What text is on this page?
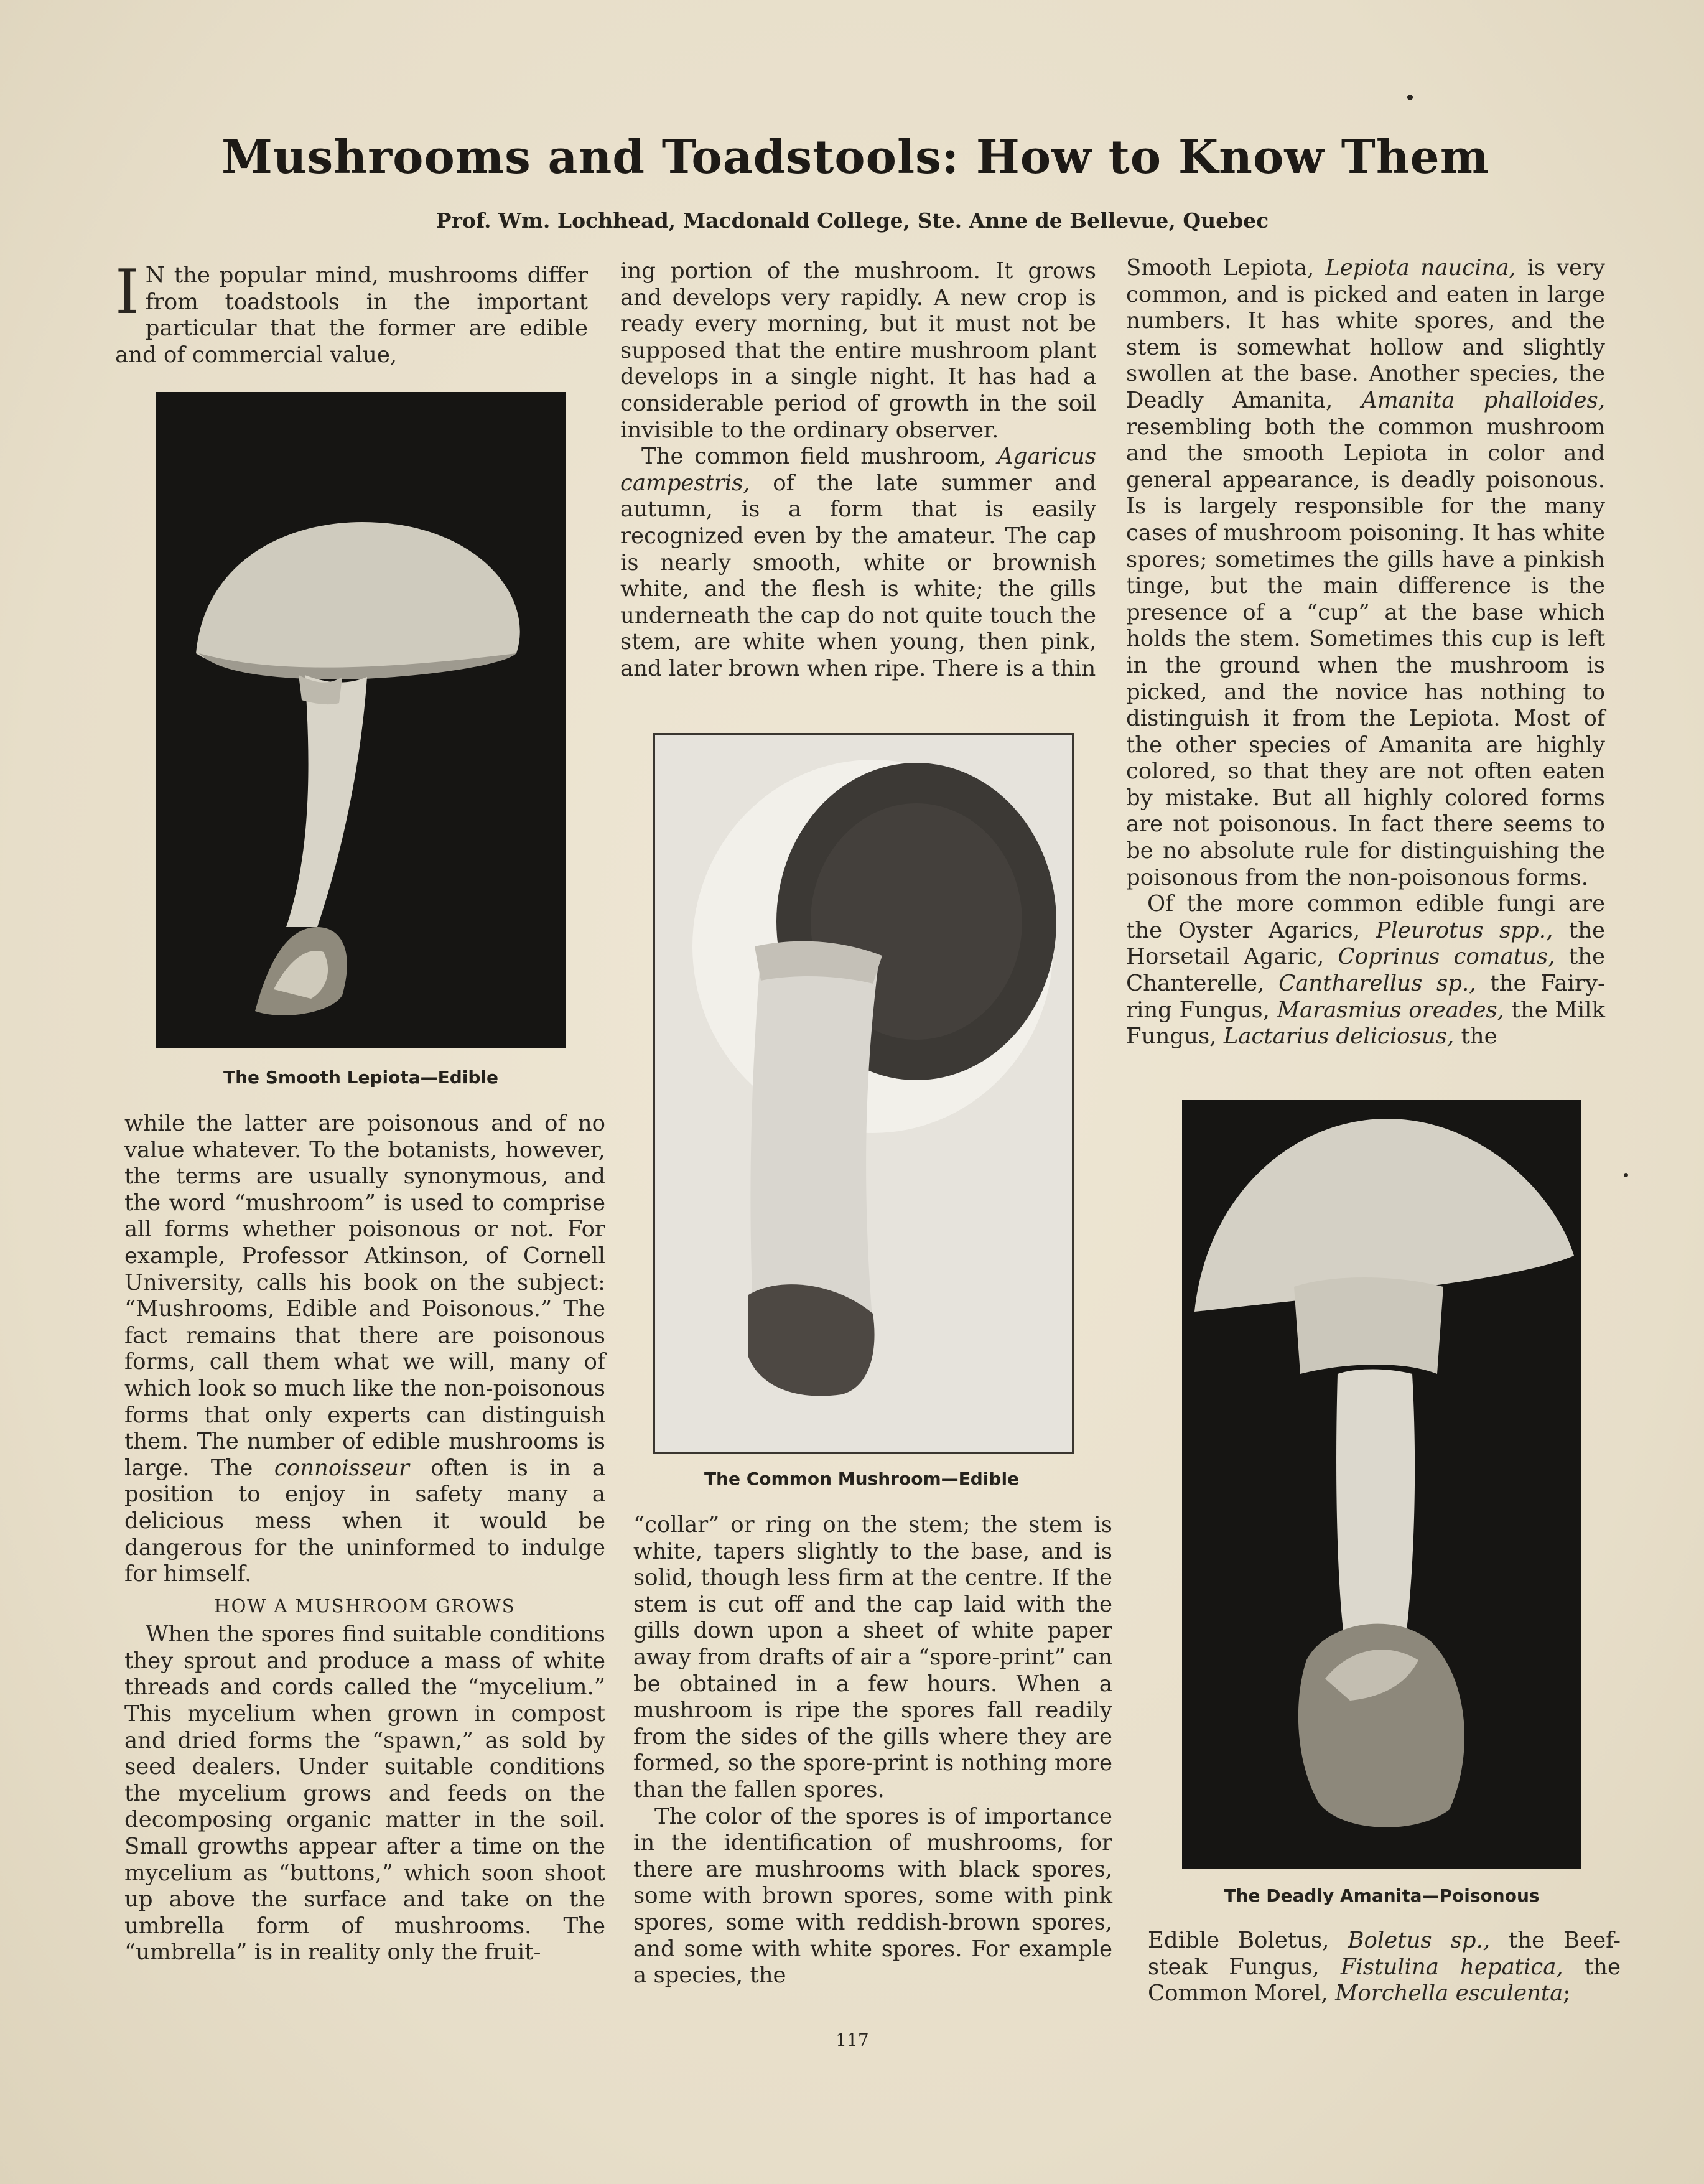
Mushrooms and Toadstools: How to Know Them

Prof. Wm. Lochhead, Macdonald College, Ste. Anne de Bellevue, Quebec

I N the popular mind, mushrooms differ from toadstools in the important particular that the former are edible and of commercial value,

The Smooth Lepiota—Edible

while the latter are poisonous and of no value whatever. To the botanists, however, the terms are usually synonymous, and the word “mushroom” is used to comprise all forms whether poisonous or not. For example, Professor Atkinson, of Cornell University, calls his book on the subject: “Mushrooms, Edible and Poisonous.” The fact remains that there are poisonous forms, call them what we will, many of which look so much like the non-poisonous forms that only experts can distinguish them. The number of edible mushrooms is large. The connoisseur often is in a position to enjoy in safety many a delicious mess when it would be dangerous for the uninformed to indulge for himself.

HOW A MUSHROOM GROWS

When the spores find suitable conditions they sprout and produce a mass of white threads and cords called the “mycelium.” This mycelium when grown in compost and dried forms the “spawn,” as sold by seed dealers. Under suitable conditions the mycelium grows and feeds on the decomposing organic matter in the soil. Small growths appear after a time on the mycelium as “buttons,” which soon shoot up above the surface and take on the umbrella form of mushrooms. The “umbrella” is in reality only the fruit-

ing portion of the mushroom. It grows and develops very rapidly. A new crop is ready every morning, but it must not be supposed that the entire mushroom plant develops in a single night. It has had a considerable period of growth in the soil invisible to the ordinary observer.

The common field mushroom, Agaricus campestris, of the late summer and autumn, is a form that is easily recognized even by the amateur. The cap is nearly smooth, white or brownish white, and the flesh is white; the gills underneath the cap do not quite touch the stem, are white when young, then pink, and later brown when ripe. There is a thin

The Common Mushroom—Edible

“collar” or ring on the stem; the stem is white, tapers slightly to the base, and is solid, though less firm at the centre. If the stem is cut off and the cap laid with the gills down upon a sheet of white paper away from drafts of air a “spore-print” can be obtained in a few hours. When a mushroom is ripe the spores fall readily from the sides of the gills where they are formed, so the spore-print is nothing more than the fallen spores.

The color of the spores is of importance in the identification of mushrooms, for there are mushrooms with black spores, some with brown spores, some with pink spores, some with reddish-brown spores, and some with white spores. For example a species, the

Smooth Lepiota, Lepiota naucina, is very common, and is picked and eaten in large numbers. It has white spores, and the stem is somewhat hollow and slightly swollen at the base. Another species, the Deadly Amanita, Amanita phalloides, resembling both the common mushroom and the smooth Lepiota in color and general appearance, is deadly poisonous. Is is largely responsible for the many cases of mushroom poisoning. It has white spores; sometimes the gills have a pinkish tinge, but the main difference is the presence of a “cup” at the base which holds the stem. Sometimes this cup is left in the ground when the mushroom is picked, and the novice has nothing to distinguish it from the Lepiota. Most of the other species of Amanita are highly colored, so that they are not often eaten by mistake. But all highly colored forms are not poisonous. In fact there seems to be no absolute rule for distinguishing the poisonous from the non-poisonous forms.

Of the more common edible fungi are the Oyster Agarics, Pleurotus spp., the Horsetail Agaric, Coprinus comatus, the Chanterelle, Cantharellus sp., the Fairy-ring Fungus, Marasmius oreades, the Milk Fungus, Lactarius deliciosus, the

The Deadly Amanita—Poisonous

Edible Boletus, Boletus sp., the Beef-steak Fungus, Fistulina hepatica, the Common Morel, Morchella esculenta;

117
